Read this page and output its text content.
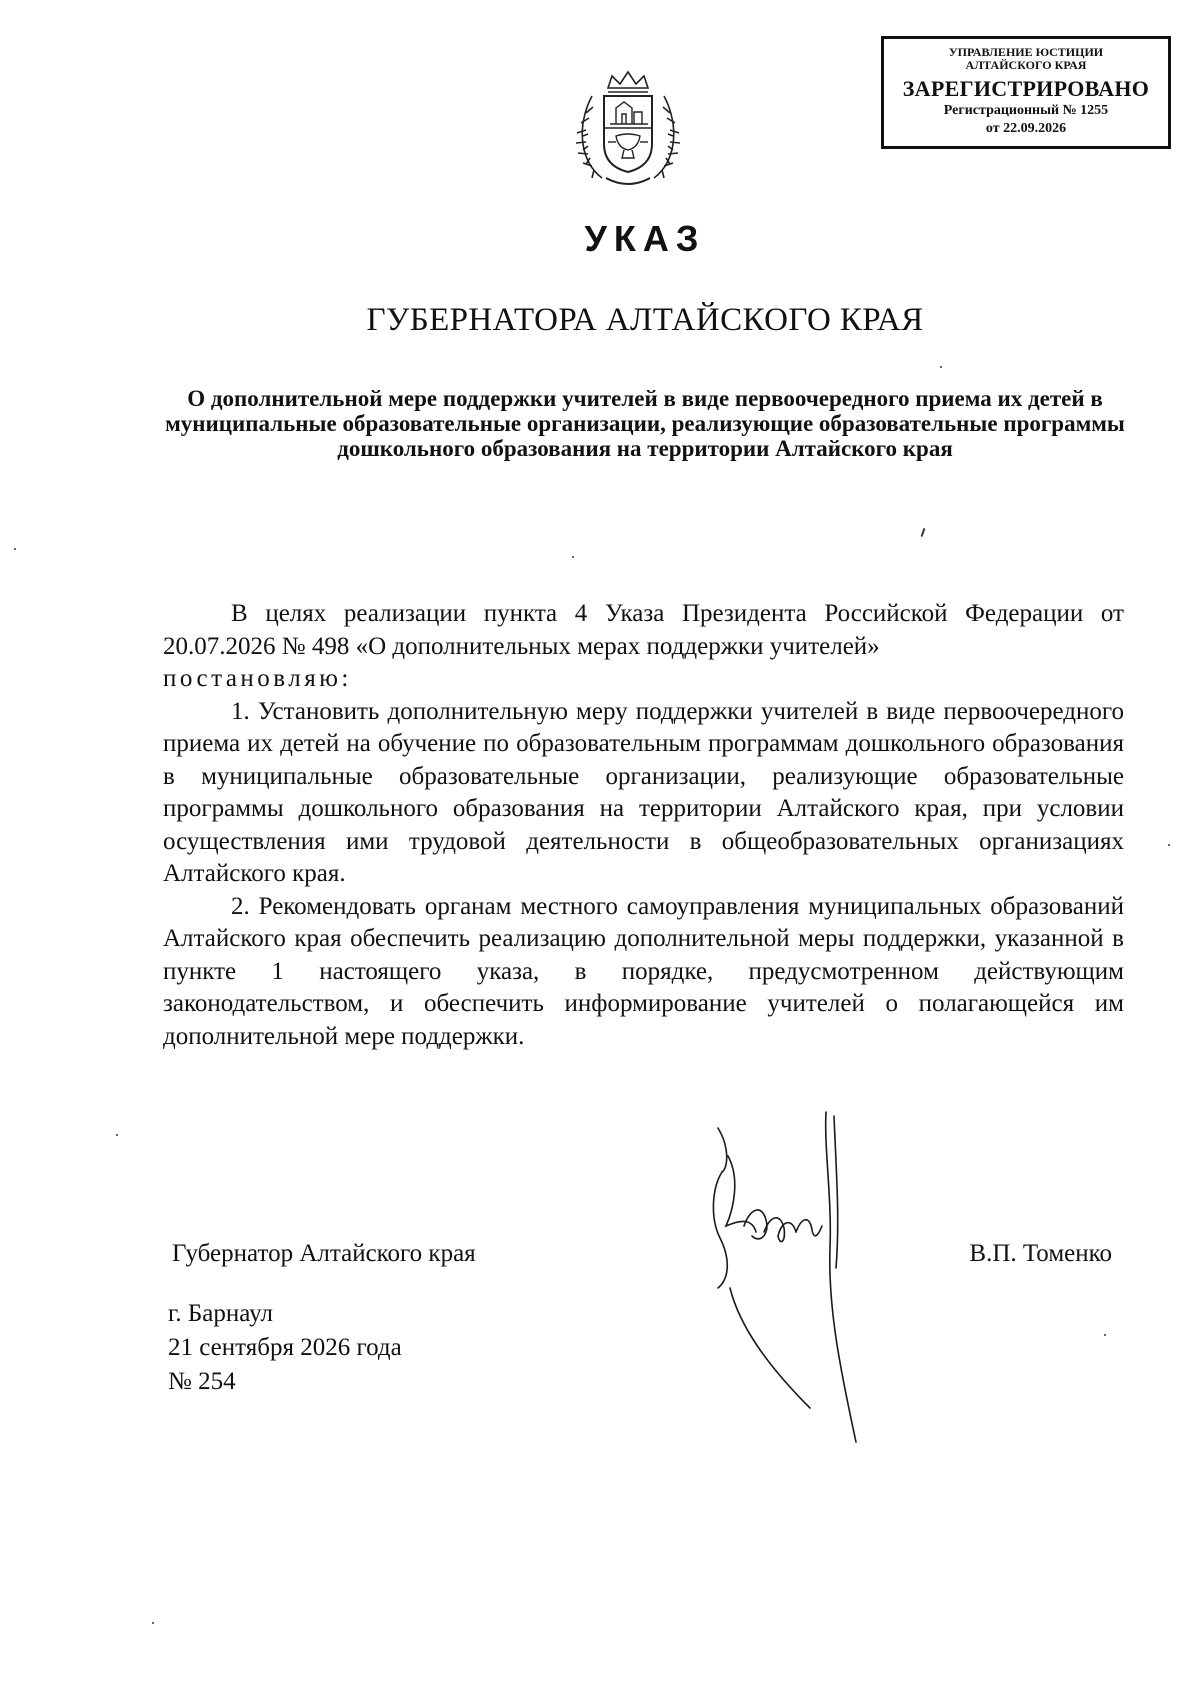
УПРАВЛЕНИЕ ЮСТИЦИИ
АЛТАЙСКОГО КРАЯ
ЗАРЕГИСТРИРОВАНО
Регистрационный № 1255
от 22.09.2026
УКАЗ
ГУБЕРНАТОРА АЛТАЙСКОГО КРАЯ
О дополнительной мере поддержки учителей в виде первоочередного приема их детей в муниципальные образовательные организации, реализующие образовательные программы дошкольного образования на территории Алтайского края

В целях реализации пункта 4 Указа Президента Российской Федерации от 20.07.2026 № 498 «О дополнительных мерах поддержки учителей»
постановляю:

1. Установить дополнительную меру поддержки учителей в виде первоочередного приема их детей на обучение по образовательным программам дошкольного образования в муниципальные образовательные организации, реализующие образовательные программы дошкольного образования на территории Алтайского края, при условии осуществления ими трудовой деятельности в общеобразовательных организациях Алтайского края.

2. Рекомендовать органам местного самоуправления муниципальных образований Алтайского края обеспечить реализацию дополнительной меры поддержки, указанной в пункте 1 настоящего указа, в порядке, предусмотренном действующим законодательством, и обеспечить информирование учителей о полагающейся им дополнительной мере поддержки.

Губернатор Алтайского края	В.П. Томенко
г. Барнаул
21 сентября 2026 года
№ 254
